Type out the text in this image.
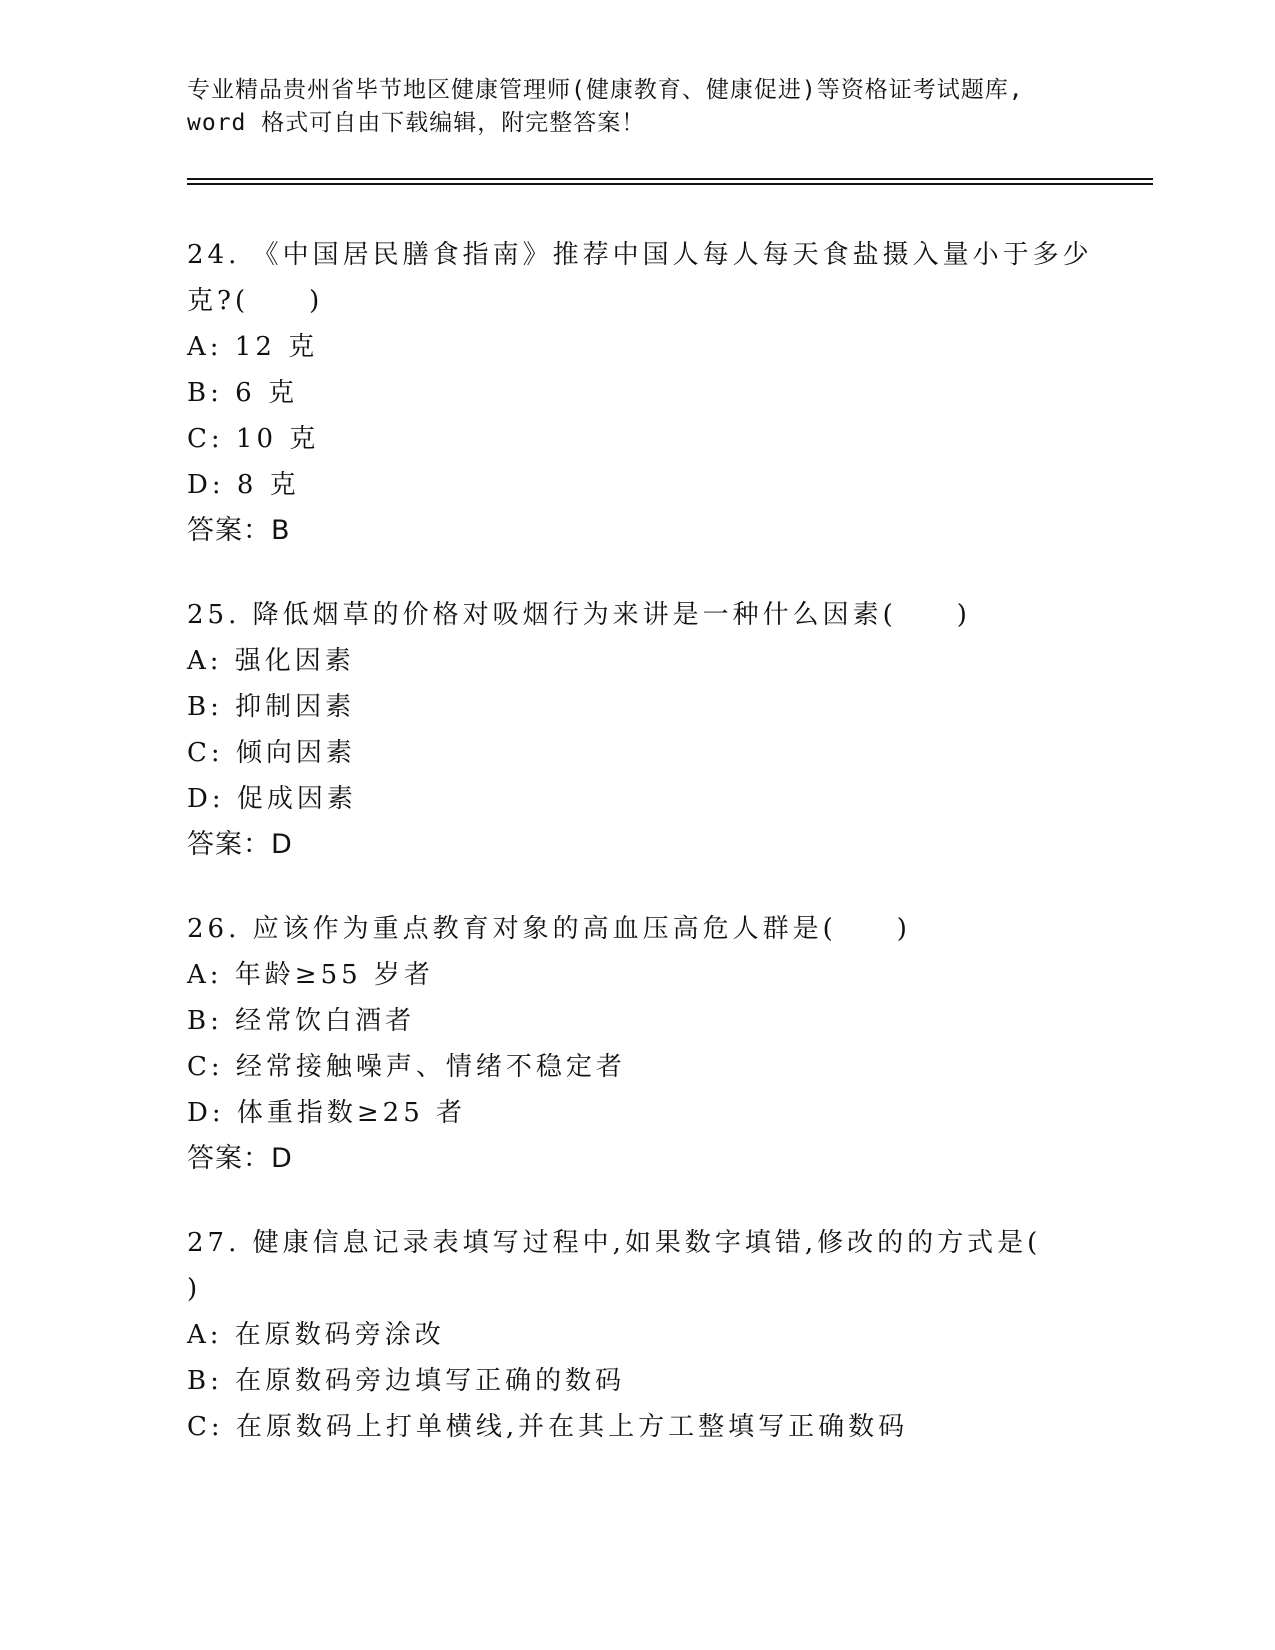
专业精品贵州省毕节地区健康管理师(健康教育、健康促进)等资格证考试题库,
word 格式可自由下载编辑，附完整答案！
24. 《中国居民膳食指南》推荐中国人每人每天食盐摄入量小于多少
克?(　　)
A: 12 克
B: 6 克
C: 10 克
D: 8 克
答案：B
25. 降低烟草的价格对吸烟行为来讲是一种什么因素(　　)
A: 强化因素
B: 抑制因素
C: 倾向因素
D: 促成因素
答案：D
26. 应该作为重点教育对象的高血压高危人群是(　　)
A: 年龄≥55 岁者
B: 经常饮白酒者
C: 经常接触噪声、情绪不稳定者
D: 体重指数≥25 者
答案：D
27. 健康信息记录表填写过程中,如果数字填错,修改的的方式是(
)
A: 在原数码旁涂改
B: 在原数码旁边填写正确的数码
C: 在原数码上打单横线,并在其上方工整填写正确数码
